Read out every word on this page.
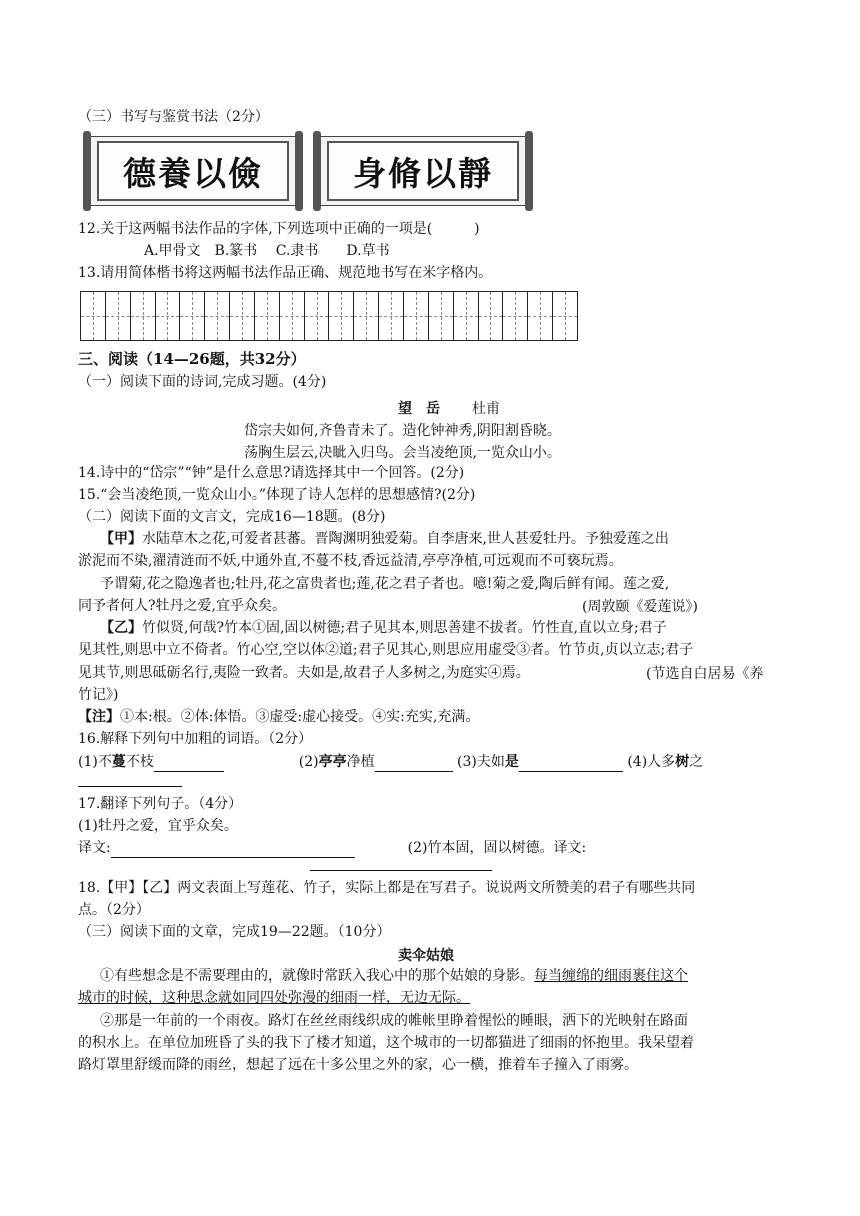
（三）书写与鉴赏书法（2分）
德養以儉	身脩以靜
12.关于这两幅书法作品的字体,下列选项中正确的一项是(　　　)
A.甲骨文　B.篆书　 C.隶书　　D.草书
13.请用简体楷书将这两幅书法作品正确、规范地书写在米字格内。
三、阅读（14—26题，共32分）
（一）阅读下面的诗词,完成习题。(4分)
望　岳 杜甫
岱宗夫如何,齐鲁青未了。造化钟神秀,阴阳割昏晓。
荡胸生层云,决眦入归鸟。会当凌绝顶,一览众山小。
14.诗中的“岱宗”“钟”是什么意思?请选择其中一个回答。(2分)
15.“会当凌绝顶,一览众山小。”体现了诗人怎样的思想感情?(2分)
（二）阅读下面的文言文，完成16—18题。(8分)
【甲】水陆草木之花,可爱者甚蕃。晋陶渊明独爱菊。自李唐来,世人甚爱牡丹。予独爱莲之出
淤泥而不染,濯清涟而不妖,中通外直,不蔓不枝,香远益清,亭亭净植,可远观而不可亵玩焉。
予谓菊,花之隐逸者也;牡丹,花之富贵者也;莲,花之君子者也。噫!菊之爱,陶后鲜有闻。莲之爱,
同予者何人?牡丹之爱,宜乎众矣。	(周敦颐《爱莲说》)
【乙】竹似贤,何哉?竹本①固,固以树德;君子见其本,则思善建不拔者。竹性直,直以立身;君子
见其性,则思中立不倚者。竹心空,空以体②道;君子见其心,则思应用虚受③者。竹节贞,贞以立志;君子
见其节,则思砥砺名行,夷险一致者。夫如是,故君子人多树之,为庭实④焉。	(节选自白居易《养
竹记》)
【注】①本:根。②体:体悟。③虚受:虚心接受。④实:充实,充满。
16.解释下列句中加粗的词语。（2分）
(1)不蔓不枝	(2)亭亭净植	(3)夫如是	(4)人多树之
17.翻译下列句子。（4分）
(1)牡丹之爱，宜乎众矣。
译文:	(2)竹本固，固以树德。译文:
18.【甲】【乙】两文表面上写莲花、竹子，实际上都是在写君子。说说两文所赞美的君子有哪些共同
点。（2分）
（三）阅读下面的文章，完成19—22题。（10分）
卖伞姑娘
①有些想念是不需要理由的，就像时常跃入我心中的那个姑娘的身影。每当缠绵的细雨裹住这个
城市的时候，这种思念就如同四处弥漫的细雨一样，无边无际。
②那是一年前的一个雨夜。路灯在丝丝雨线织成的帷帐里睁着惺忪的睡眼，洒下的光映射在路面
的积水上。在单位加班昏了头的我下了楼才知道，这个城市的一切都猫进了细雨的怀抱里。我呆望着
路灯罩里舒缓而降的雨丝，想起了远在十多公里之外的家，心一横，推着车子撞入了雨雾。
